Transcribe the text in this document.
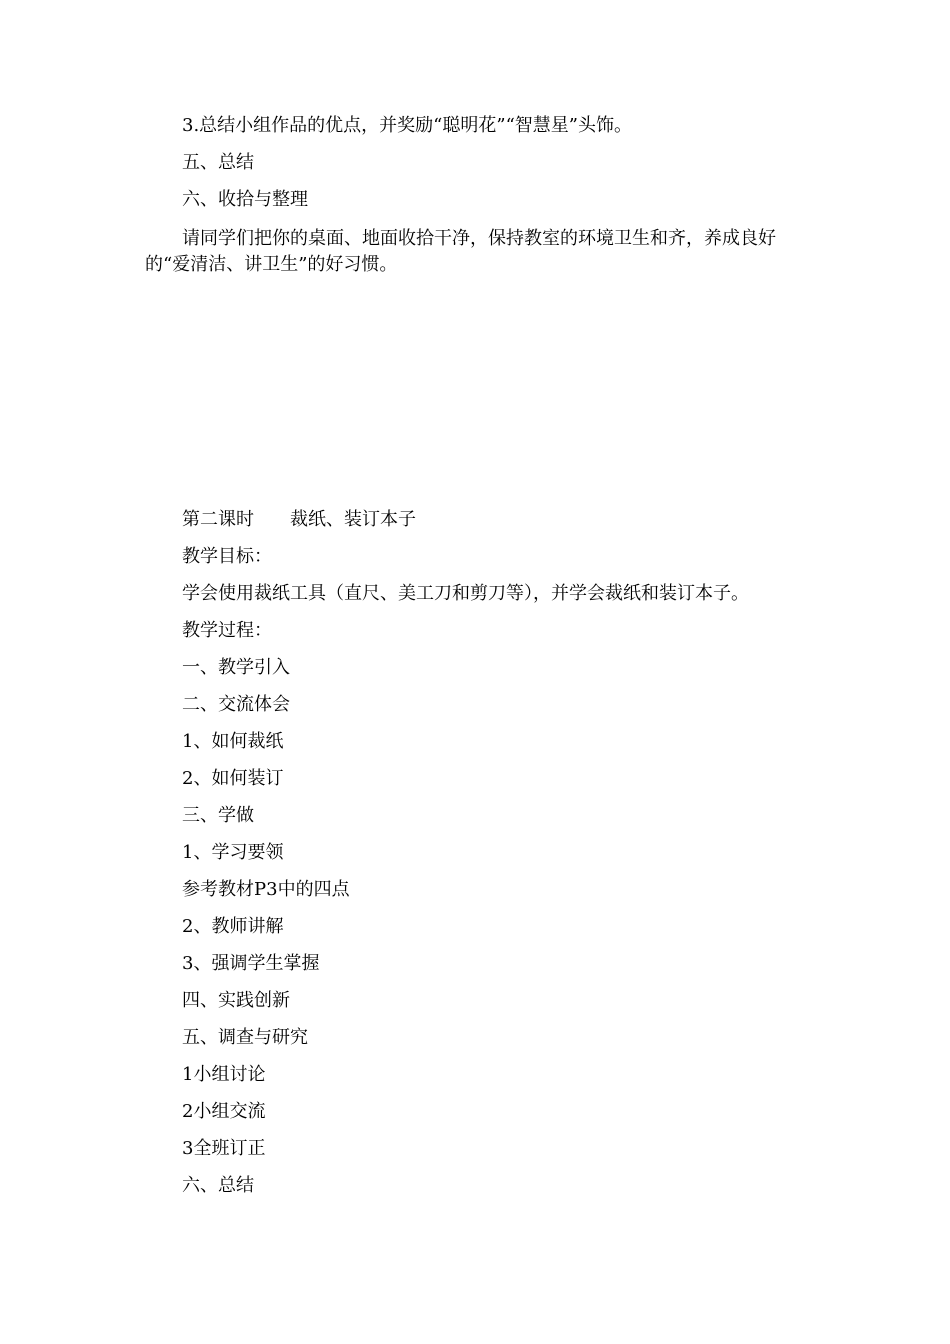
3.总结小组作品的优点，并奖励“聪明花”“智慧星”头饰。
五、总结
六、收拾与整理
请同学们把你的桌面、地面收拾干净，保持教室的环境卫生和齐，养成良好的“爱清洁、讲卫生”的好习惯。
第二课时　　裁纸、装订本子
教学目标：
学会使用裁纸工具（直尺、美工刀和剪刀等），并学会裁纸和装订本子。
教学过程：
一、教学引入
二、交流体会
1、如何裁纸
2、如何装订
三、学做
1、学习要领
参考教材P3中的四点
2、教师讲解
3、强调学生掌握
四、实践创新
五、调查与研究
1小组讨论
2小组交流
3全班订正
六、总结
